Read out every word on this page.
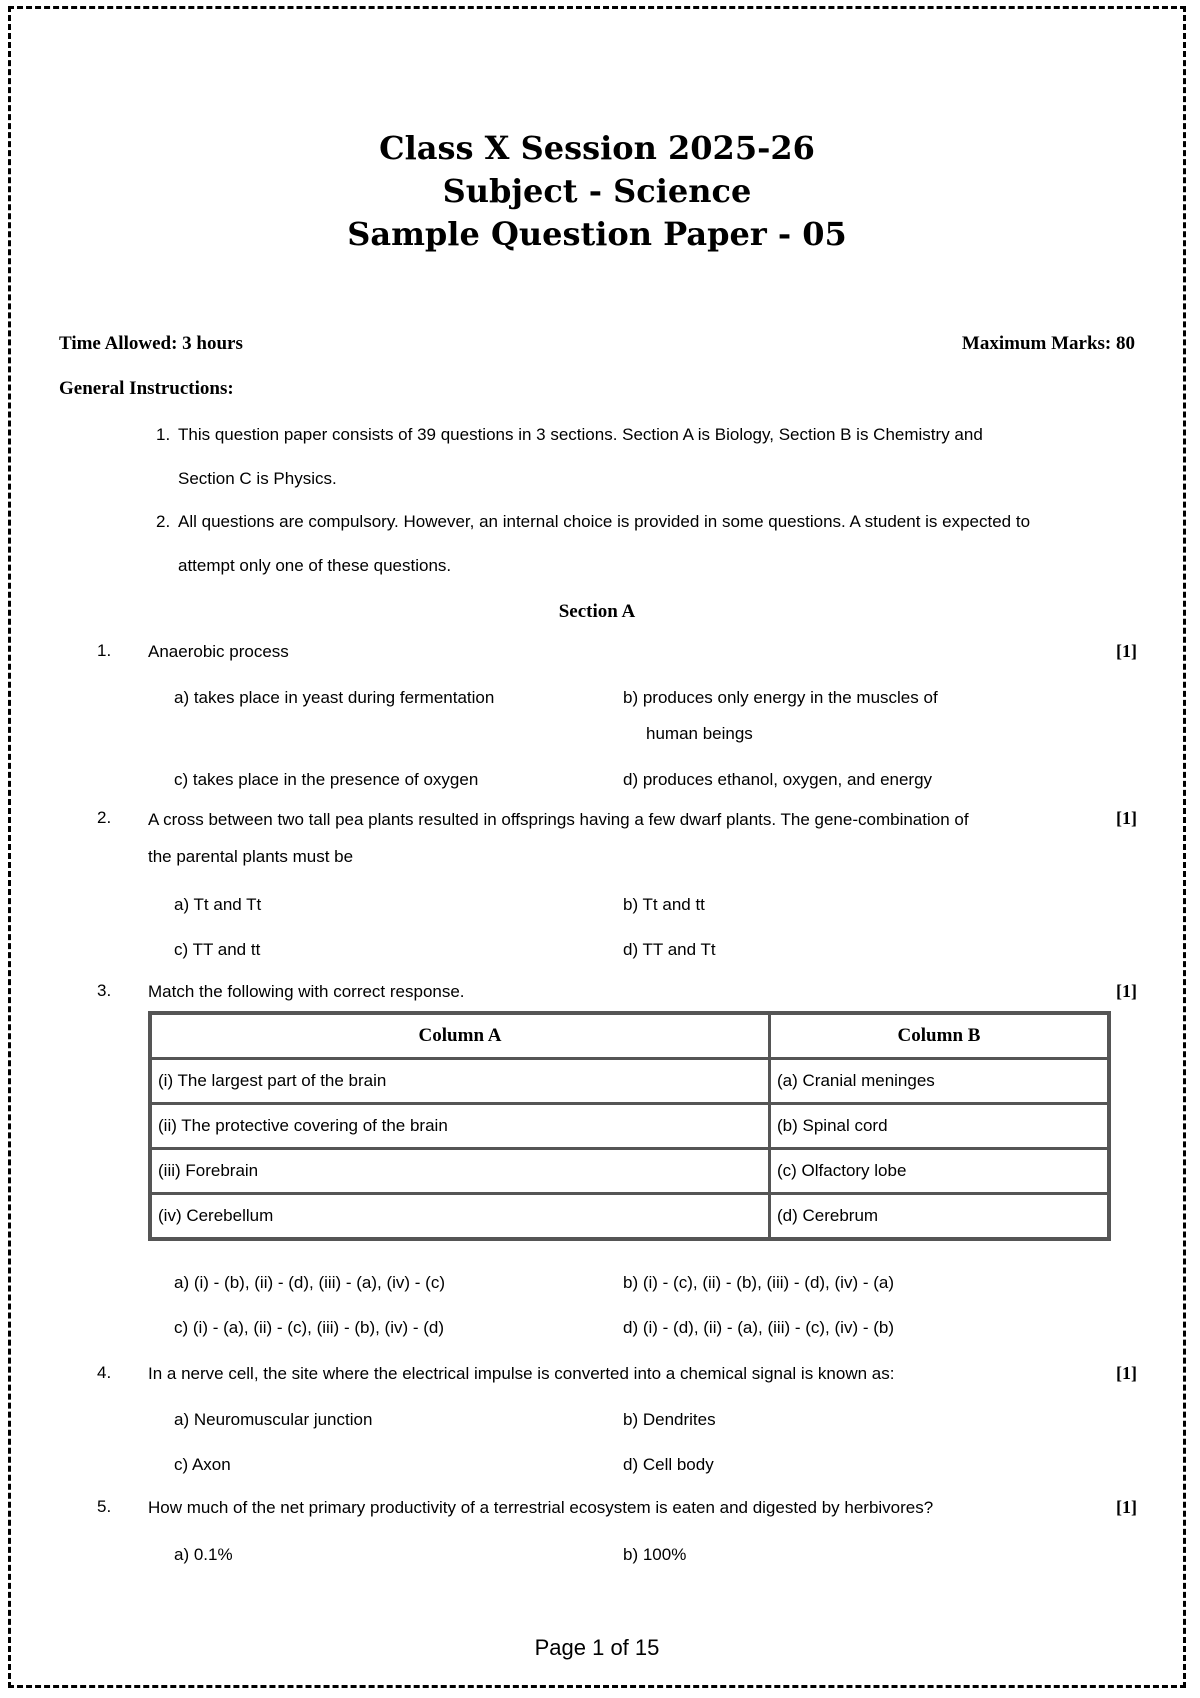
Class X Session 2025-26
Subject - Science
Sample Question Paper - 05
Time Allowed: 3 hours	Maximum Marks: 80
General Instructions:
1. This question paper consists of 39 questions in 3 sections. Section A is Biology, Section B is Chemistry and
Section C is Physics.
2. All questions are compulsory. However, an internal choice is provided in some questions. A student is expected to
attempt only one of these questions.
Section A
1. Anaerobic process	[1]
a) takes place in yeast during fermentation	b) produces only energy in the muscles of
human beings
c) takes place in the presence of oxygen	d) produces ethanol, oxygen, and energy
2. A cross between two tall pea plants resulted in offsprings having a few dwarf plants. The gene-combination of
the parental plants must be
[1]
a) Tt and Tt	b) Tt and tt
c) TT and tt	d) TT and Tt
3. Match the following with correct response.	[1]
Column A	Column B
(i) The largest part of the brain	(a) Cranial meninges
(ii) The protective covering of the brain	(b) Spinal cord
(iii) Forebrain	(c) Olfactory lobe
(iv) Cerebellum	(d) Cerebrum
a) (i) - (b), (ii) - (d), (iii) - (a), (iv) - (c)	b) (i) - (c), (ii) - (b), (iii) - (d), (iv) - (a)
c) (i) - (a), (ii) - (c), (iii) - (b), (iv) - (d)	d) (i) - (d), (ii) - (a), (iii) - (c), (iv) - (b)
4. In a nerve cell, the site where the electrical impulse is converted into a chemical signal is known as:	[1]
a) Neuromuscular junction	b) Dendrites
c) Axon	d) Cell body
5. How much of the net primary productivity of a terrestrial ecosystem is eaten and digested by herbivores?	[1]
a) 0.1%	b) 100%
Page 1 of 15
